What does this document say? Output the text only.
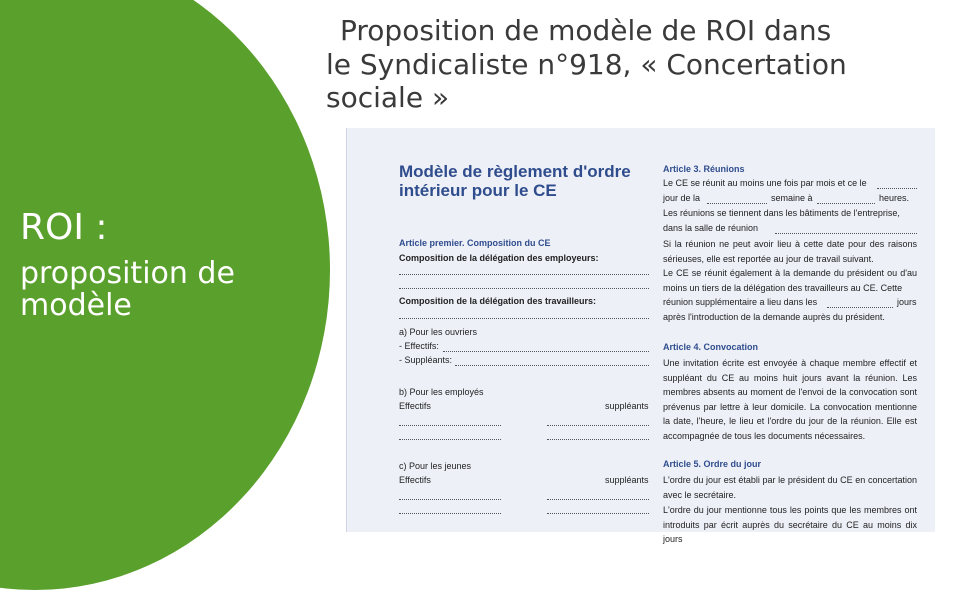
ROI :
proposition de modèle
Proposition de modèle de ROI dans
le Syndicaliste n°918, « Concertation
sociale »
Modèle de règlement d'ordre intérieur pour le CE
Article premier. Composition du CE
Composition de la délégation des employeurs:
Composition de la délégation des travailleurs:
a) Pour les ouvriers
- Effectifs:
- Suppléants:
b) Pour les employés
Effectifs	suppléants
c) Pour les jeunes
Effectifs	suppléants
Article 3. Réunions
Le CE se réunit au moins une fois par mois et ce le
jour de la	semaine à	heures.
Les réunions se tiennent dans les bâtiments de l'entreprise,
dans la salle de réunion

Si la réunion ne peut avoir lieu à cette date pour des raisons sérieuses, elle est reportée au jour de travail suivant.

Le CE se réunit également à la demande du président ou d'au moins un tiers de la délégation des travailleurs au CE. Cette

réunion supplémentaire a lieu dans les	jours
après l'introduction de la demande auprès du président.
Article 4. Convocation

Une invitation écrite est envoyée à chaque membre effectif et suppléant du CE au moins huit jours avant la réunion. Les membres absents au moment de l'envoi de la convocation sont prévenus par lettre à leur domicile. La convocation mentionne la date, l'heure, le lieu et l'ordre du jour de la réunion. Elle est accompagnée de tous les documents nécessaires.

Article 5. Ordre du jour

L'ordre du jour est établi par le président du CE en concertation avec le secrétaire.

L'ordre du jour mentionne tous les points que les membres ont introduits par écrit auprès du secrétaire du CE au moins dix jours
